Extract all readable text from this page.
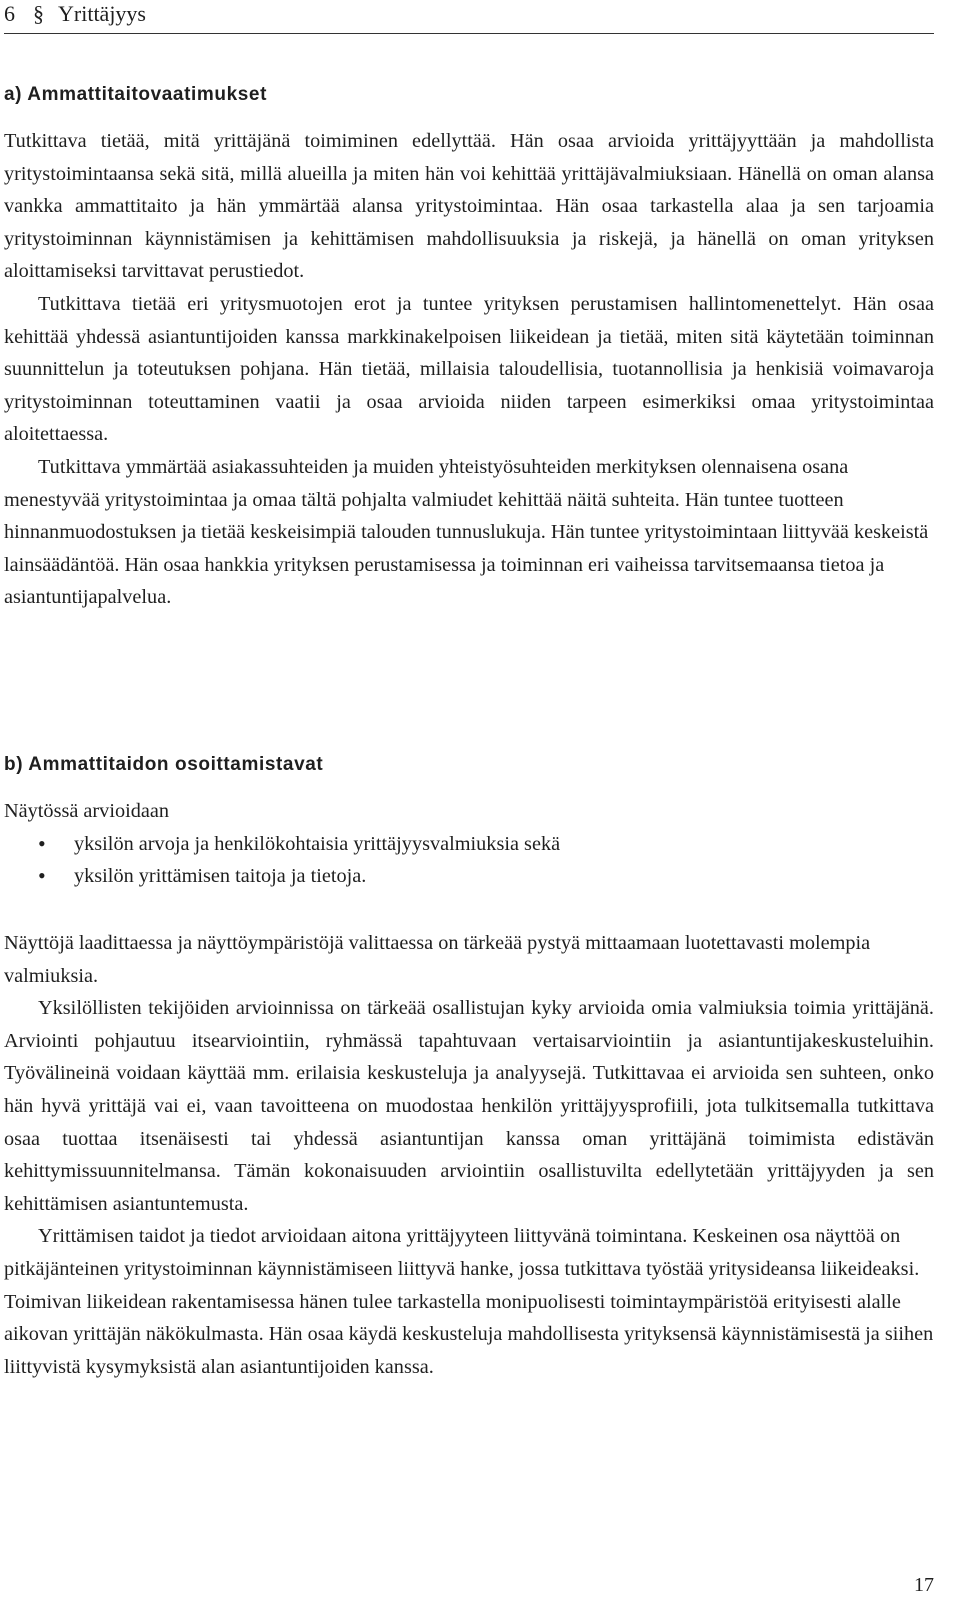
6 § Yrittäjyys
a) Ammattitaitovaatimukset

Tutkittava tietää, mitä yrittäjänä toimiminen edellyttää. Hän osaa arvioida yrittäjyyttään ja mahdollista yritystoimintaansa sekä sitä, millä alueilla ja miten hän voi kehittää yrittäjävalmiuksiaan. Hänellä on oman alansa vankka ammattitaito ja hän ymmärtää alansa yritystoimintaa. Hän osaa tarkastella alaa ja sen tarjoamia yritystoiminnan käynnistämisen ja kehittämisen mahdollisuuksia ja riskejä, ja hänellä on oman yrityksen aloittamiseksi tarvittavat perustiedot.

Tutkittava tietää eri yritysmuotojen erot ja tuntee yrityksen perustamisen hallintomenettelyt. Hän osaa kehittää yhdessä asiantuntijoiden kanssa markkinakelpoisen liikeidean ja tietää, miten sitä käytetään toiminnan suunnittelun ja toteutuksen pohjana. Hän tietää, millaisia taloudellisia, tuotannollisia ja henkisiä voimavaroja yritystoiminnan toteuttaminen vaatii ja osaa arvioida niiden tarpeen esimerkiksi omaa yritystoimintaa aloitettaessa.

Tutkittava ymmärtää asiakassuhteiden ja muiden yhteistyösuhteiden merkityksen olennaisena osana menestyvää yritystoimintaa ja omaa tältä pohjalta valmiudet kehittää näitä suhteita. Hän tuntee tuotteen hinnanmuodostuksen ja tietää keskeisimpiä talouden tunnuslukuja. Hän tuntee yritystoimintaan liittyvää keskeistä lainsäädäntöä. Hän osaa hankkia yrityksen perustamisessa ja toiminnan eri vaiheissa tarvitsemaansa tietoa ja asiantuntijapalvelua.

b) Ammattitaidon osoittamistavat

Näytössä arvioidaan

• yksilön arvoja ja henkilökohtaisia yrittäjyysvalmiuksia sekä
• yksilön yrittämisen taitoja ja tietoja.

Näyttöjä laadittaessa ja näyttöympäristöjä valittaessa on tärkeää pystyä mittaamaan luotettavasti molempia valmiuksia.

Yksilöllisten tekijöiden arvioinnissa on tärkeää osallistujan kyky arvioida omia valmiuksia toimia yrittäjänä. Arviointi pohjautuu itsearviointiin, ryhmässä tapahtuvaan vertaisarviointiin ja asiantuntijakeskusteluihin. Työvälineinä voidaan käyttää mm. erilaisia keskusteluja ja analyysejä. Tutkittavaa ei arvioida sen suhteen, onko hän hyvä yrittäjä vai ei, vaan tavoitteena on muodostaa henkilön yrittäjyysprofiili, jota tulkitsemalla tutkittava osaa tuottaa itsenäisesti tai yhdessä asiantuntijan kanssa oman yrittäjänä toimimista edistävän kehittymissuunnitelmansa. Tämän kokonaisuuden arviointiin osallistuvilta edellytetään yrittäjyyden ja sen kehittämisen asiantuntemusta.

Yrittämisen taidot ja tiedot arvioidaan aitona yrittäjyyteen liittyvänä toimintana. Keskeinen osa näyttöä on pitkäjänteinen yritystoiminnan käynnistämiseen liittyvä hanke, jossa tutkittava työstää yritysideansa liikeideaksi. Toimivan liikeidean rakentamisessa hänen tulee tarkastella monipuolisesti toimintaympäristöä erityisesti alalle aikovan yrittäjän näkökulmasta. Hän osaa käydä keskusteluja mahdollisesta yrityksensä käynnistämisestä ja siihen liittyvistä kysymyksistä alan asiantuntijoiden kanssa.

17
